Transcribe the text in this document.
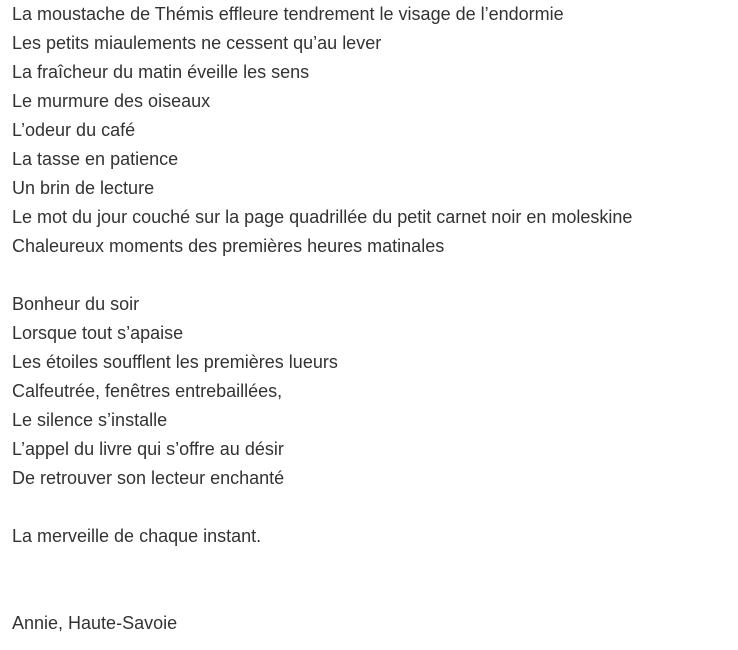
La moustache de Thémis effleure tendrement le visage de l’endormie
Les petits miaulements ne cessent qu’au lever
La fraîcheur du matin éveille les sens
Le murmure des oiseaux
L’odeur du café
La tasse en patience
Un brin de lecture
Le mot du jour couché sur la page quadrillée du petit carnet noir en moleskine
Chaleureux moments des premières heures matinales
Bonheur du soir
Lorsque tout s’apaise
Les étoiles soufflent les premières lueurs
Calfeutrée, fenêtres entrebaillées,
Le silence s’installe
L’appel du livre qui s’offre au désir
De retrouver son lecteur enchanté
La merveille de chaque instant.
Annie, Haute-Savoie
